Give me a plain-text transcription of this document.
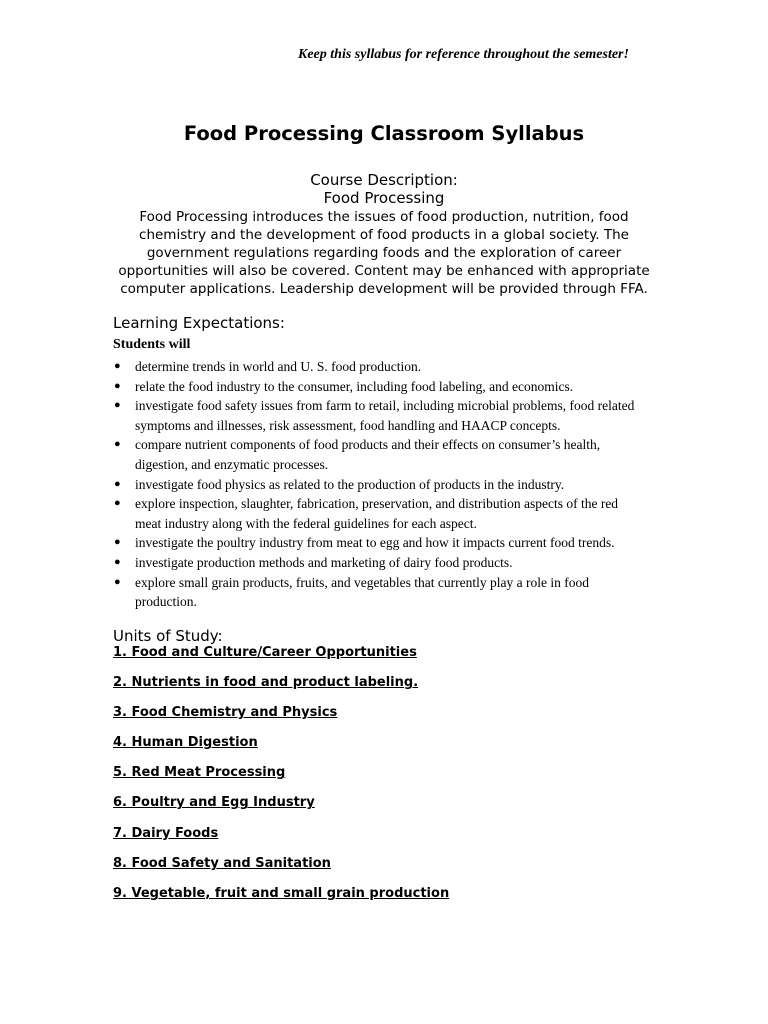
Keep this syllabus for reference throughout the semester!
Food Processing Classroom Syllabus
Course Description:
Food Processing
Food Processing introduces the issues of food production, nutrition, food
chemistry and the development of food products in a global society. The
government regulations regarding foods and the exploration of career
opportunities will also be covered. Content may be enhanced with appropriate
computer applications. Leadership development will be provided through FFA.
Learning Expectations:
Students will
● determine trends in world and U. S. food production.
● relate the food industry to the consumer, including food labeling, and economics.
● investigate food safety issues from farm to retail, including microbial problems, food related
symptoms and illnesses, risk assessment, food handling and HAACP concepts.
● compare nutrient components of food products and their effects on consumer’s health,
digestion, and enzymatic processes.
● investigate food physics as related to the production of products in the industry.
● explore inspection, slaughter, fabrication, preservation, and distribution aspects of the red
meat industry along with the federal guidelines for each aspect.
● investigate the poultry industry from meat to egg and how it impacts current food trends.
● investigate production methods and marketing of dairy food products.
● explore small grain products, fruits, and vegetables that currently play a role in food
production.
Units of Study:
1. Food and Culture/Career Opportunities
2. Nutrients in food and product labeling.
3. Food Chemistry and Physics
4. Human Digestion
5. Red Meat Processing
6. Poultry and Egg Industry
7. Dairy Foods
8. Food Safety and Sanitation
9. Vegetable, fruit and small grain production
